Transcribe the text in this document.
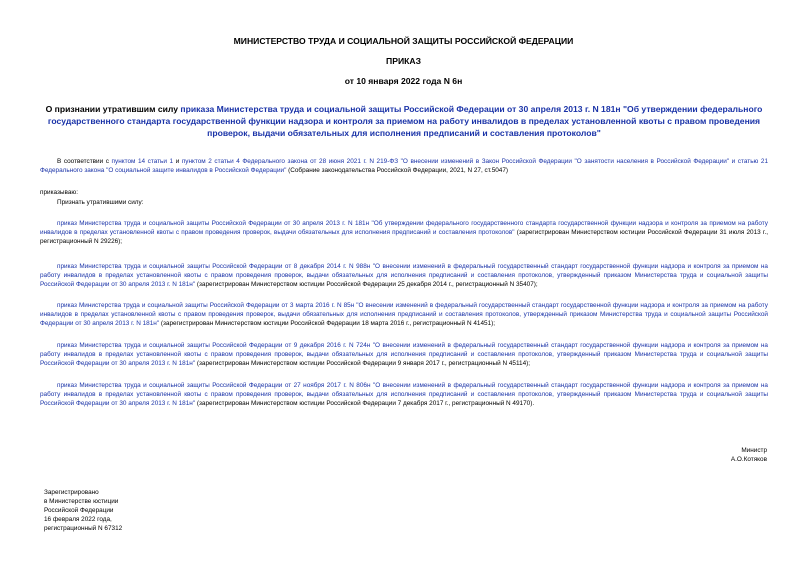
МИНИСТЕРСТВО ТРУДА И СОЦИАЛЬНОЙ ЗАЩИТЫ РОССИЙСКОЙ ФЕДЕРАЦИИ
ПРИКАЗ
от 10 января 2022 года N 6н
О признании утратившим силу приказа Министерства труда и социальной защиты Российской Федерации от 30 апреля 2013 г. N 181н "Об утверждении федерального государственного стандарта государственной функции надзора и контроля за приемом на работу инвалидов в пределах установленной квоты с правом проведения проверок, выдачи обязательных для исполнения предписаний и составления протоколов"

В соответствии с пунктом 14 статьи 1 и пунктом 2 статьи 4 Федерального закона от 28 июня 2021 г. N 219-ФЗ "О внесении изменений в Закон Российской Федерации "О занятости населения в Российской Федерации" и статью 21 Федерального закона "О социальной защите инвалидов в Российской Федерации" (Собрание законодательства Российской Федерации, 2021, N 27, ст.5047)

приказываю:

Признать утратившими силу:

приказ Министерства труда и социальной защиты Российской Федерации от 30 апреля 2013 г. N 181н "Об утверждении федерального государственного стандарта государственной функции надзора и контроля за приемом на работу инвалидов в пределах установленной квоты с правом проведения проверок, выдачи обязательных для исполнения предписаний и составления протоколов" (зарегистрирован Министерством юстиции Российской Федерации 31 июля 2013 г., регистрационный N 29226);

приказ Министерства труда и социальной защиты Российской Федерации от 8 декабря 2014 г. N 988н "О внесении изменений в федеральный государственный стандарт государственной функции надзора и контроля за приемом на работу инвалидов в пределах установленной квоты с правом проведения проверок, выдачи обязательных для исполнения предписаний и составления протоколов, утвержденный приказом Министерства труда и социальной защиты Российской Федерации от 30 апреля 2013 г. N 181н" (зарегистрирован Министерством юстиции Российской Федерации 25 декабря 2014 г., регистрационный N 35407);

приказ Министерства труда и социальной защиты Российской Федерации от 3 марта 2016 г. N 85н "О внесении изменений в федеральный государственный стандарт государственной функции надзора и контроля за приемом на работу инвалидов в пределах установленной квоты с правом проведения проверок, выдачи обязательных для исполнения предписаний и составления протоколов, утвержденный приказом Министерства труда и социальной защиты Российской Федерации от 30 апреля 2013 г. N 181н" (зарегистрирован Министерством юстиции Российской Федерации 18 марта 2016 г., регистрационный N 41451);

приказ Министерства труда и социальной защиты Российской Федерации от 9 декабря 2016 г. N 724н "О внесении изменений в федеральный государственный стандарт государственной функции надзора и контроля за приемом на работу инвалидов в пределах установленной квоты с правом проведения проверок, выдачи обязательных для исполнения предписаний и составления протоколов, утвержденный приказом Министерства труда и социальной защиты Российской Федерации от 30 апреля 2013 г. N 181н" (зарегистрирован Министерством юстиции Российской Федерации 9 января 2017 г., регистрационный N 45114);

приказ Министерства труда и социальной защиты Российской Федерации от 27 ноября 2017 г. N 806н "О внесении изменений в федеральный государственный стандарт государственной функции надзора и контроля за приемом на работу инвалидов в пределах установленной квоты с правом проведения проверок, выдачи обязательных для исполнения предписаний и составления протоколов, утвержденный приказом Министерства труда и социальной защиты Российской Федерации от 30 апреля 2013 г. N 181н" (зарегистрирован Министерством юстиции Российской Федерации 7 декабря 2017 г., регистрационный N 49170).

Министр
А.О.Котяков
Зарегистрировано
в Министерстве юстиции
Российской Федерации
16 февраля 2022 года,
регистрационный N 67312
